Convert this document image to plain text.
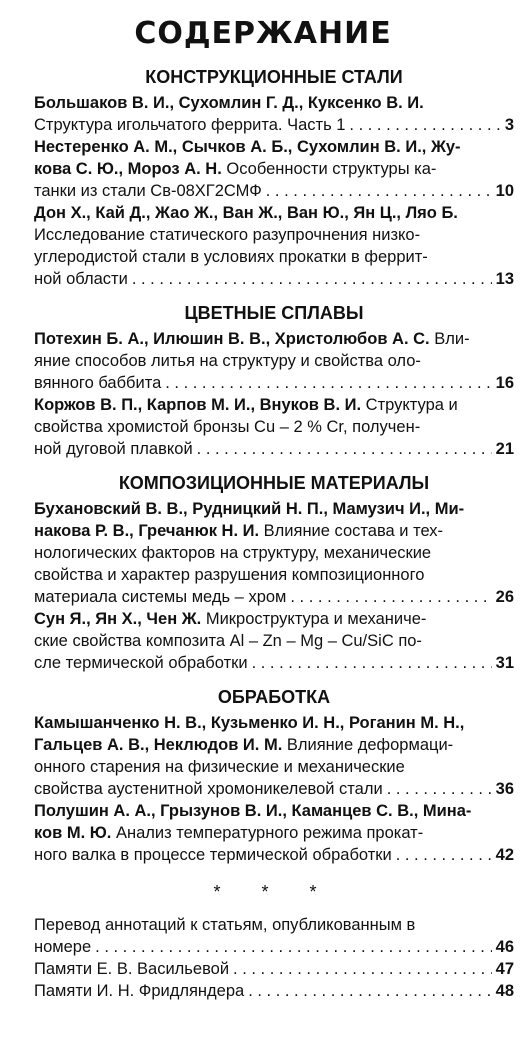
СОДЕРЖАНИЕ
КОНСТРУКЦИОННЫЕ СТАЛИ
Большаков В. И., Сухомлин Г. Д., Куксенко В. И.
Структура игольчатого феррита. Часть 1 . . .	3
Нестеренко А. М., Сычков А. Б., Сухомлин В. И., Жу-
кова С. Ю., Мороз А. Н. Особенности структуры ка-
танки из стали Св-08ХГ2СМФ . . .	10
Дон Х., Кай Д., Жао Ж., Ван Ж., Ван Ю., Ян Ц., Ляо Б.
Исследование статического разупрочнения низко-
углеродистой стали в условиях прокатки в феррит-
ной области . . .	13
ЦВЕТНЫЕ СПЛАВЫ
Потехин Б. А., Илюшин В. В., Христолюбов А. С. Вли-
яние способов литья на структуру и свойства оло-
вянного баббита . . .	16
Коржов В. П., Карпов М. И., Внуков В. И. Структура и
свойства хромистой бронзы Cu – 2 % Cr, получен-
ной дуговой плавкой . . .	21
КОМПОЗИЦИОННЫЕ МАТЕРИАЛЫ
Бухановский В. В., Рудницкий Н. П., Мамузич И., Ми-
накова Р. В., Гречанюк Н. И. Влияние состава и тех-
нологических факторов на структуру, механические
свойства и характер разрушения композиционного
материала системы медь – хром . . .	26
Сун Я., Ян Х., Чен Ж. Микроструктура и механиче-
ские свойства композита Al – Zn – Mg – Cu/SiC по-
сле термической обработки . . .	31
ОБРАБОТКА
Камышанченко Н. В., Кузьменко И. Н., Роганин М. Н.,
Гальцев А. В., Неклюдов И. М. Влияние деформаци-
онного старения на физические и механические
свойства аустенитной хромоникелевой стали . . .	36
Полушин А. А., Грызунов В. И., Каманцев С. В., Мина-
ков М. Ю. Анализ температурного режима прокат-
ного валка в процессе термической обработки . . .	42
* * *
Перевод аннотаций к статьям, опубликованным в
номере . . .	46
Памяти Е. В. Васильевой . . .	47
Памяти И. Н. Фридляндера . . .	48
